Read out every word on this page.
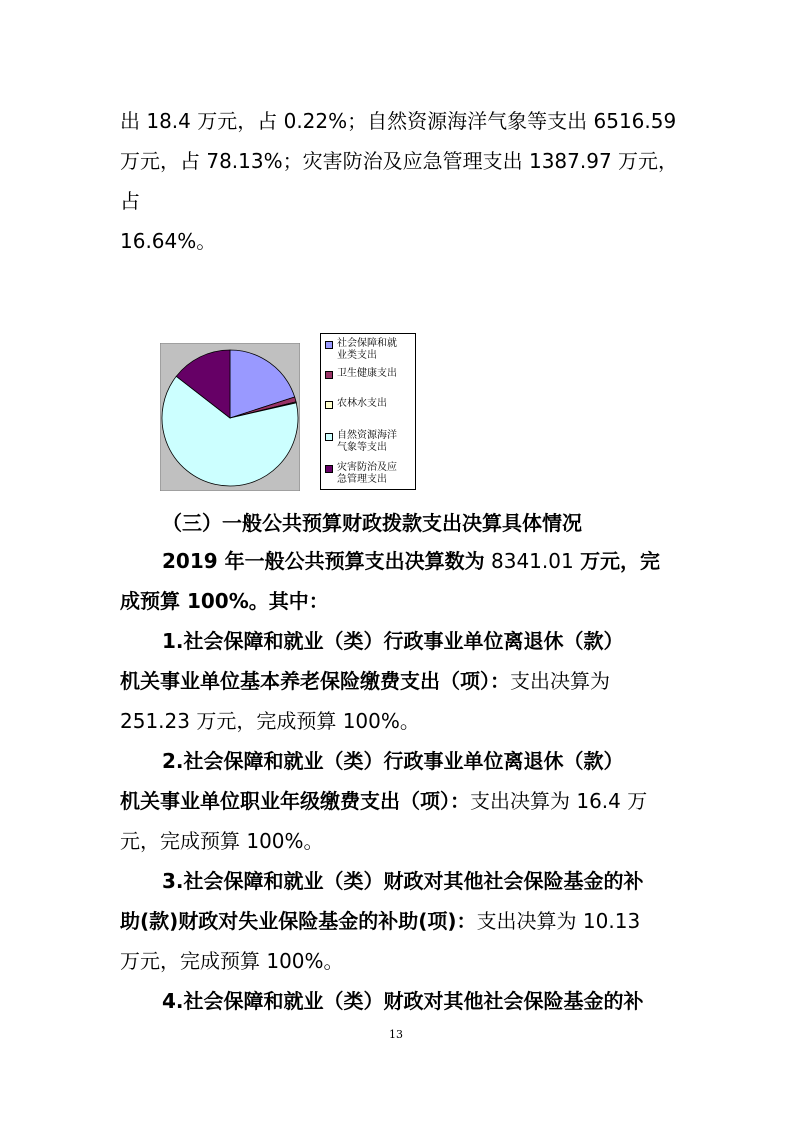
出 18.4 万元，占 0.22%；自然资源海洋气象等支出 6516.59
万元，占 78.13%；灾害防治及应急管理支出 1387.97 万元，
占
16.64%。
社会保障和就
业类支出
卫生健康支出
农林水支出
自然资源海洋
气象等支出
灾害防治及应
急管理支出
（三）一般公共预算财政拨款支出决算具体情况
2019 年一般公共预算支出决算数为 8341.01 万元，完
成预算 100%。其中：
1.社会保障和就业（类）行政事业单位离退休（款）
机关事业单位基本养老保险缴费支出（项）：支出决算为
251.23 万元，完成预算 100%。
2.社会保障和就业（类）行政事业单位离退休（款）
机关事业单位职业年级缴费支出（项）：支出决算为 16.4 万
元，完成预算 100%。
3.社会保障和就业（类）财政对其他社会保险基金的补
助(款)财政对失业保险基金的补助(项)：支出决算为 10.13
万元，完成预算 100%。
4.社会保障和就业（类）财政对其他社会保险基金的补
13
